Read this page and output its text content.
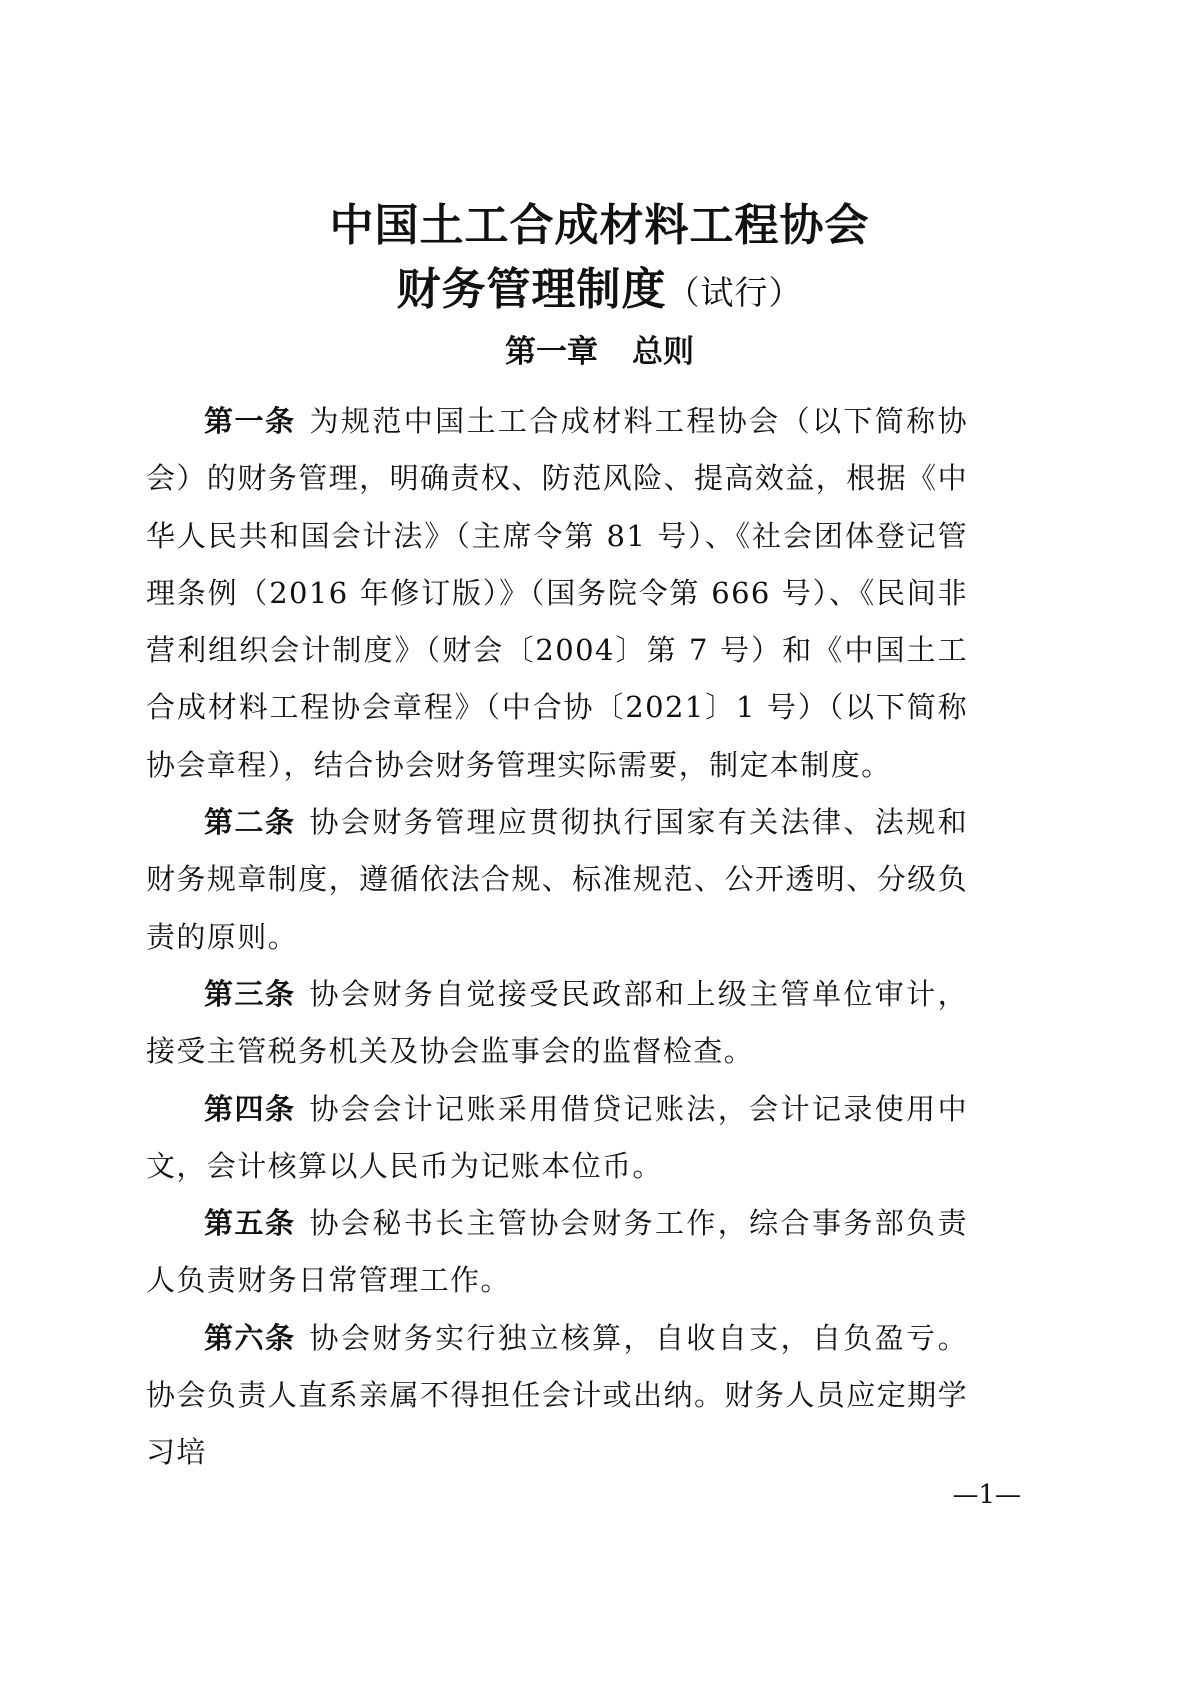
中国土工合成材料工程协会
财务管理制度（试行）
第一章 总则

第一条 为规范中国土工合成材料工程协会（以下简称协会）的财务管理，明确责权、防范风险、提高效益，根据《中华人民共和国会计法》（主席令第 81 号）、《社会团体登记管理条例（2016 年修订版）》（国务院令第 666 号）、《民间非营利组织会计制度》（财会〔2004〕第 7 号）和《中国土工合成材料工程协会章程》（中合协〔2021〕1 号）（以下简称协会章程），结合协会财务管理实际需要，制定本制度。

第二条 协会财务管理应贯彻执行国家有关法律、法规和财务规章制度，遵循依法合规、标准规范、公开透明、分级负责的原则。

第三条 协会财务自觉接受民政部和上级主管单位审计，接受主管税务机关及协会监事会的监督检查。

第四条 协会会计记账采用借贷记账法，会计记录使用中文，会计核算以人民币为记账本位币。

第五条 协会秘书长主管协会财务工作，综合事务部负责人负责财务日常管理工作。

第六条 协会财务实行独立核算，自收自支，自负盈亏。协会负责人直系亲属不得担任会计或出纳。财务人员应定期学习培

—1—
